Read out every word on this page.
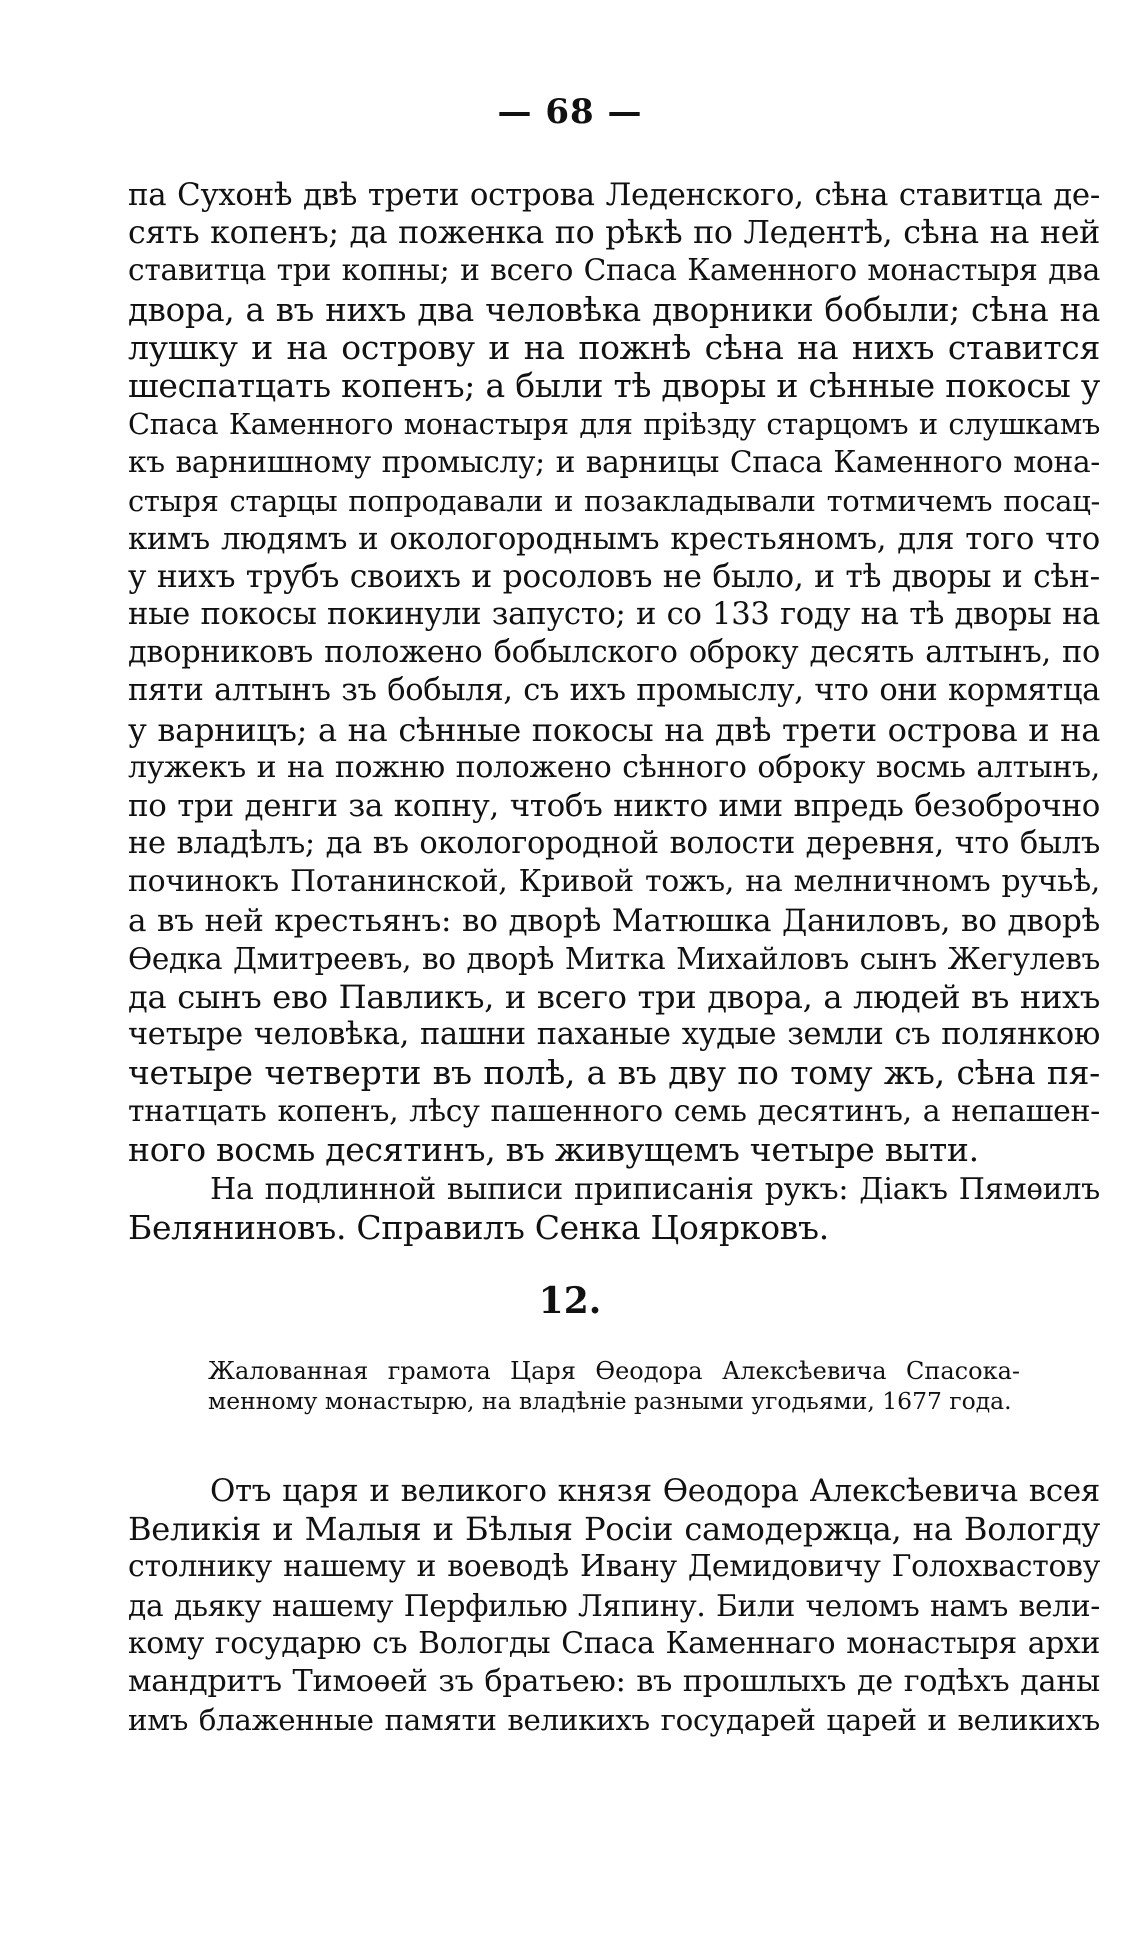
— 68 —
па Сухонѣ двѣ трети острова Леденского, сѣна ставитца де-
сять копенъ; да поженка по рѣкѣ по Ледентѣ, сѣна на ней
ставитца три копны; и всего Спаса Каменного монастыря два
двора, а въ нихъ два человѣка дворники бобыли; сѣна на
лушку и на острову и на пожнѣ сѣна на нихъ ставится
шеспатцать копенъ; а были тѣ дворы и сѣнные покосы у
Спаса Каменного монастыря для прiѣзду старцомъ и слушкамъ
къ варнишному промыслу; и варницы Спаса Каменного мона-
стыря старцы попродавали и позакладывали тотмичемъ посац-
кимъ людямъ и окологороднымъ крестьяномъ, для того что
у нихъ трубъ своихъ и росоловъ не было, и тѣ дворы и сѣн-
ные покосы покинули запусто; и со 133 году на тѣ дворы на
дворниковъ положено бобылского оброку десять алтынъ, по
пяти алтынъ зъ бобыля, съ ихъ промыслу, что они кормятца
у варницъ; а на сѣнные покосы на двѣ трети острова и на
лужекъ и на пожню положено сѣнного оброку восмь алтынъ,
по три денги за копну, чтобъ никто ими впредь безоброчно
не владѣлъ; да въ окологородной волости деревня, что былъ
починокъ Потанинской, Кривой тожъ, на мелничномъ ручьѣ,
а въ ней крестьянъ: во дворѣ Матюшка Даниловъ, во дворѣ
Ѳедка Дмитреевъ, во дворѣ Митка Михайловъ сынъ Жегулевъ
да сынъ ево Павликъ, и всего три двора, а людей въ нихъ
четыре человѣка, пашни паханые худые земли съ полянкою
четыре четверти въ полѣ, а въ дву по тому жъ, сѣна пя-
тнатцать копенъ, лѣсу пашенного семь десятинъ, а непашен-
ного восмь десятинъ, въ живущемъ четыре выти.
На подлинной выписи приписанiя рукъ: Дiакъ Пямѳилъ
Беляниновъ. Справилъ Сенка Цоярковъ.
12.
Жалованная грамота Царя Ѳеодора Алексѣевича Спасока-
менному монастырю, на владѣнiе разными угодьями, 1677 года.
Отъ царя и великого князя Ѳеодора Алексѣевича всея
Великiя и Малыя и Бѣлыя Росiи самодержца, на Вологду
столнику нашему и воеводѣ Ивану Демидовичу Голохвастову
да дьяку нашему Перфилью Ляпину. Били челомъ намъ вели-
кому государю съ Вологды Спаса Каменнаго монастыря архи
мандритъ Тимоѳей зъ братьею: въ прошлыхъ де годѣхъ даны
имъ блаженные памяти великихъ государей царей и великихъ
